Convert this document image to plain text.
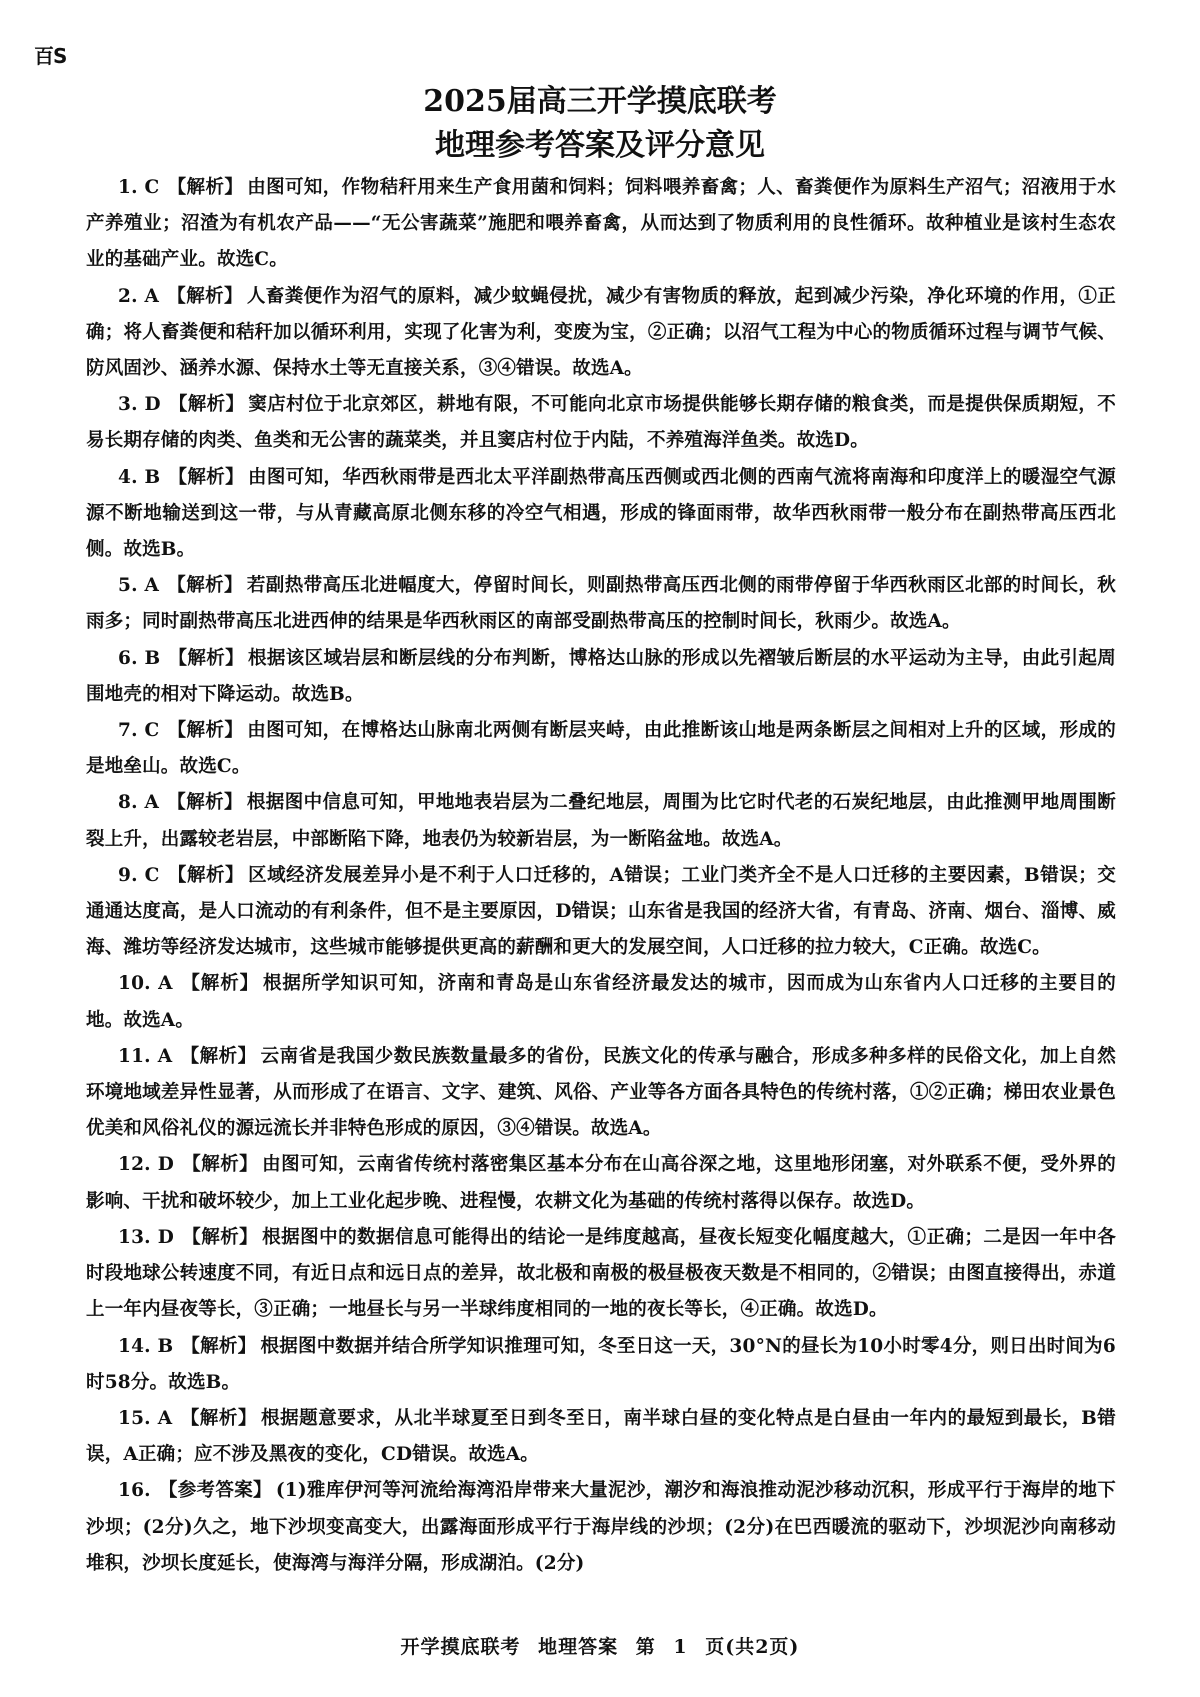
百S

2025届高三开学摸底联考

地理参考答案及评分意见

1. C 【解析】 由图可知，作物秸秆用来生产食用菌和饲料；饲料喂养畜禽；人、畜粪便作为原料生产沼气；沼液用于水产养殖业；沼渣为有机农产品——“无公害蔬菜”施肥和喂养畜禽，从而达到了物质利用的良性循环。故种植业是该村生态农业的基础产业。故选C。

2. A 【解析】 人畜粪便作为沼气的原料，减少蚊蝇侵扰，减少有害物质的释放，起到减少污染，净化环境的作用，①正确；将人畜粪便和秸秆加以循环利用，实现了化害为利，变废为宝，②正确；以沼气工程为中心的物质循环过程与调节气候、防风固沙、涵养水源、保持水土等无直接关系，③④错误。故选A。

3. D 【解析】 窦店村位于北京郊区，耕地有限，不可能向北京市场提供能够长期存储的粮食类，而是提供保质期短，不易长期存储的肉类、鱼类和无公害的蔬菜类，并且窦店村位于内陆，不养殖海洋鱼类。故选D。

4. B 【解析】 由图可知，华西秋雨带是西北太平洋副热带高压西侧或西北侧的西南气流将南海和印度洋上的暖湿空气源源不断地输送到这一带，与从青藏高原北侧东移的冷空气相遇，形成的锋面雨带，故华西秋雨带一般分布在副热带高压西北侧。故选B。

5. A 【解析】 若副热带高压北进幅度大，停留时间长，则副热带高压西北侧的雨带停留于华西秋雨区北部的时间长，秋雨多；同时副热带高压北进西伸的结果是华西秋雨区的南部受副热带高压的控制时间长，秋雨少。故选A。

6. B 【解析】 根据该区域岩层和断层线的分布判断，博格达山脉的形成以先褶皱后断层的水平运动为主导，由此引起周围地壳的相对下降运动。故选B。

7. C 【解析】 由图可知，在博格达山脉南北两侧有断层夹峙，由此推断该山地是两条断层之间相对上升的区域，形成的是地垒山。故选C。

8. A 【解析】 根据图中信息可知，甲地地表岩层为二叠纪地层，周围为比它时代老的石炭纪地层，由此推测甲地周围断裂上升，出露较老岩层，中部断陷下降，地表仍为较新岩层，为一断陷盆地。故选A。

9. C 【解析】 区域经济发展差异小是不利于人口迁移的，A错误；工业门类齐全不是人口迁移的主要因素，B错误；交通通达度高，是人口流动的有利条件，但不是主要原因，D错误；山东省是我国的经济大省，有青岛、济南、烟台、淄博、威海、潍坊等经济发达城市，这些城市能够提供更高的薪酬和更大的发展空间，人口迁移的拉力较大，C正确。故选C。

10. A 【解析】 根据所学知识可知，济南和青岛是山东省经济最发达的城市，因而成为山东省内人口迁移的主要目的地。故选A。

11. A 【解析】 云南省是我国少数民族数量最多的省份，民族文化的传承与融合，形成多种多样的民俗文化，加上自然环境地域差异性显著，从而形成了在语言、文字、建筑、风俗、产业等各方面各具特色的传统村落，①②正确；梯田农业景色优美和风俗礼仪的源远流长并非特色形成的原因，③④错误。故选A。

12. D 【解析】 由图可知，云南省传统村落密集区基本分布在山高谷深之地，这里地形闭塞，对外联系不便，受外界的影响、干扰和破坏较少，加上工业化起步晚、进程慢，农耕文化为基础的传统村落得以保存。故选D。

13. D 【解析】 根据图中的数据信息可能得出的结论一是纬度越高，昼夜长短变化幅度越大，①正确；二是因一年中各时段地球公转速度不同，有近日点和远日点的差异，故北极和南极的极昼极夜天数是不相同的，②错误；由图直接得出，赤道上一年内昼夜等长，③正确；一地昼长与另一半球纬度相同的一地的夜长等长，④正确。故选D。

14. B 【解析】 根据图中数据并结合所学知识推理可知，冬至日这一天，30°N的昼长为10小时零4分，则日出时间为6时58分。故选B。

15. A 【解析】 根据题意要求，从北半球夏至日到冬至日，南半球白昼的变化特点是白昼由一年内的最短到最长，B错误，A正确；应不涉及黑夜的变化，CD错误。故选A。

16. 【参考答案】 (1)雅库伊河等河流给海湾沿岸带来大量泥沙，潮汐和海浪推动泥沙移动沉积，形成平行于海岸的地下沙坝；(2分)久之，地下沙坝变高变大，出露海面形成平行于海岸线的沙坝；(2分)在巴西暖流的驱动下，沙坝泥沙向南移动堆积，沙坝长度延长，使海湾与海洋分隔，形成湖泊。(2分)

开学摸底联考 地理答案 第 1 页(共2页)
